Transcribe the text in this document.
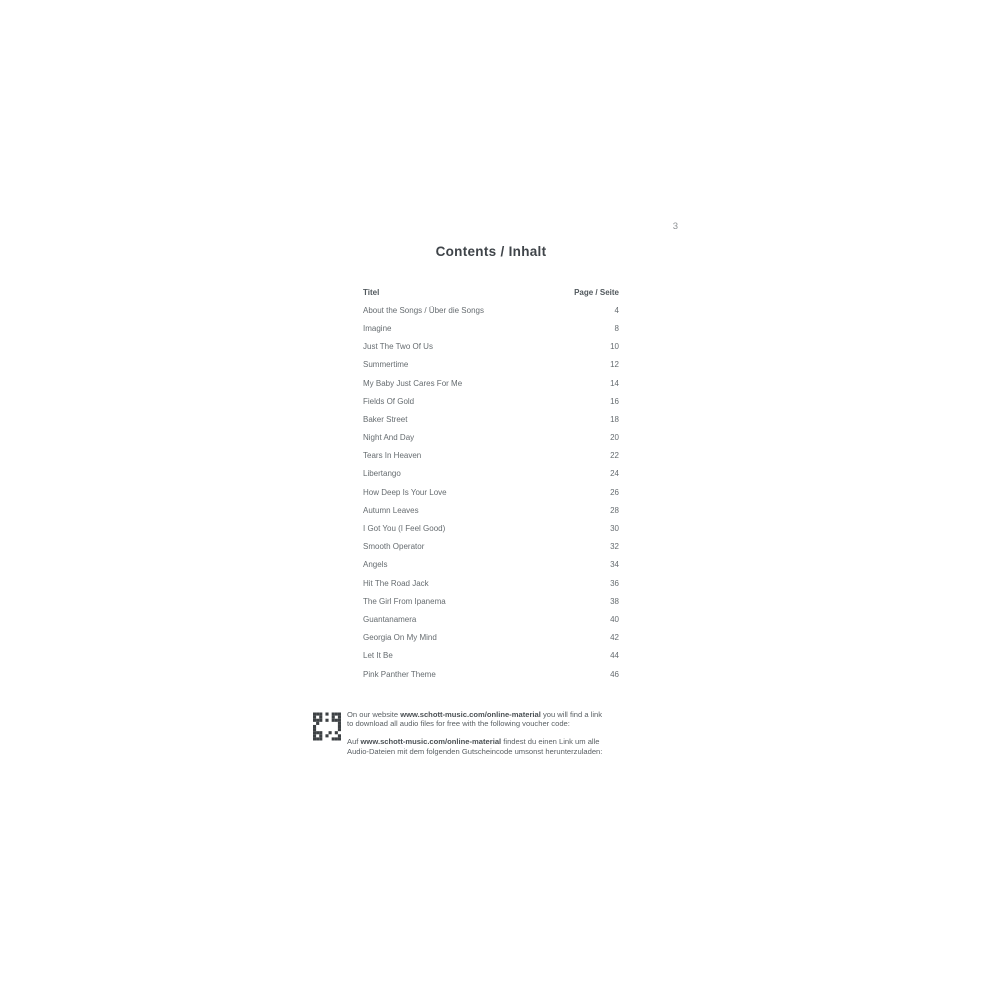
3
Contents / Inhalt
Titel	Page / Seite
About the Songs / Über die Songs	4
Imagine	8
Just The Two Of Us	10
Summertime	12
My Baby Just Cares For Me	14
Fields Of Gold	16
Baker Street	18
Night And Day	20
Tears In Heaven	22
Libertango	24
How Deep Is Your Love	26
Autumn Leaves	28
I Got You (I Feel Good)	30
Smooth Operator	32
Angels	34
Hit The Road Jack	36
The Girl From Ipanema	38
Guantanamera	40
Georgia On My Mind	42
Let It Be	44
Pink Panther Theme	46

On our website www.schott-music.com/online-material you will find a link
to download all audio files for free with the following voucher code:

Auf www.schott-music.com/online-material findest du einen Link um alle
Audio-Dateien mit dem folgenden Gutscheincode umsonst herunterzuladen:
